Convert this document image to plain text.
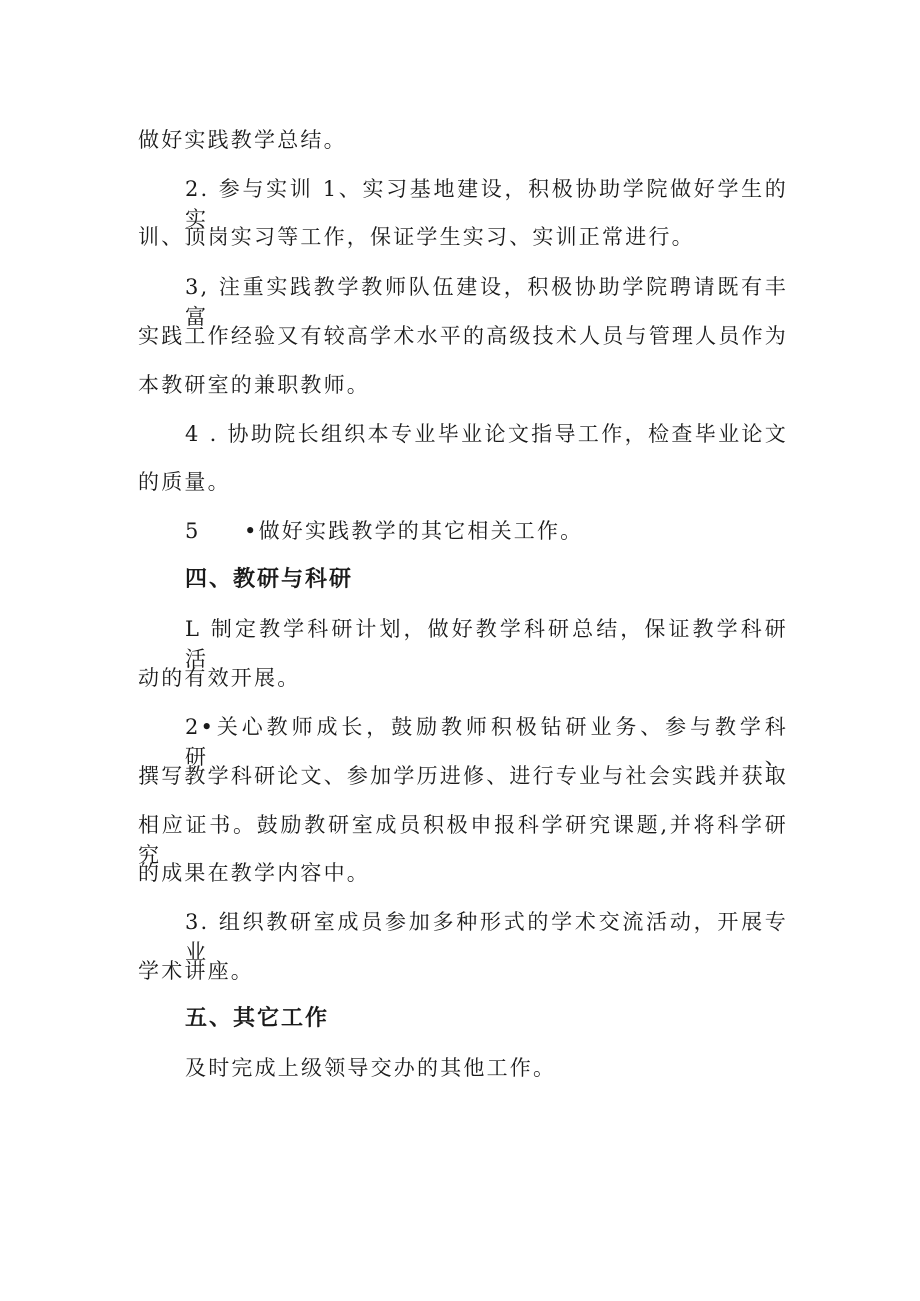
做好实践教学总结。
2. 参与实训 1、实习基地建设，积极协助学院做好学生的实
训、顶岗实习等工作，保证学生实习、实训正常进行。
3, 注重实践教学教师队伍建设，积极协助学院聘请既有丰富
实践工作经验又有较高学术水平的高级技术人员与管理人员作为
本教研室的兼职教师。
4 . 协助院长组织本专业毕业论文指导工作，检查毕业论文
的质量。
5 •做好实践教学的其它相关工作。
四、教研与科研
L 制定教学科研计划，做好教学科研总结，保证教学科研活
动的有效开展。
2•关心教师成长，鼓励教师积极钻研业务、参与教学科研、
撰写教学科研论文、参加学历进修、进行专业与社会实践并获取
相应证书。鼓励教研室成员积极申报科学研究课题,并将科学研究
的成果在教学内容中。
3. 组织教研室成员参加多种形式的学术交流活动，开展专业
学术讲座。
五、其它工作
及时完成上级领导交办的其他工作。
